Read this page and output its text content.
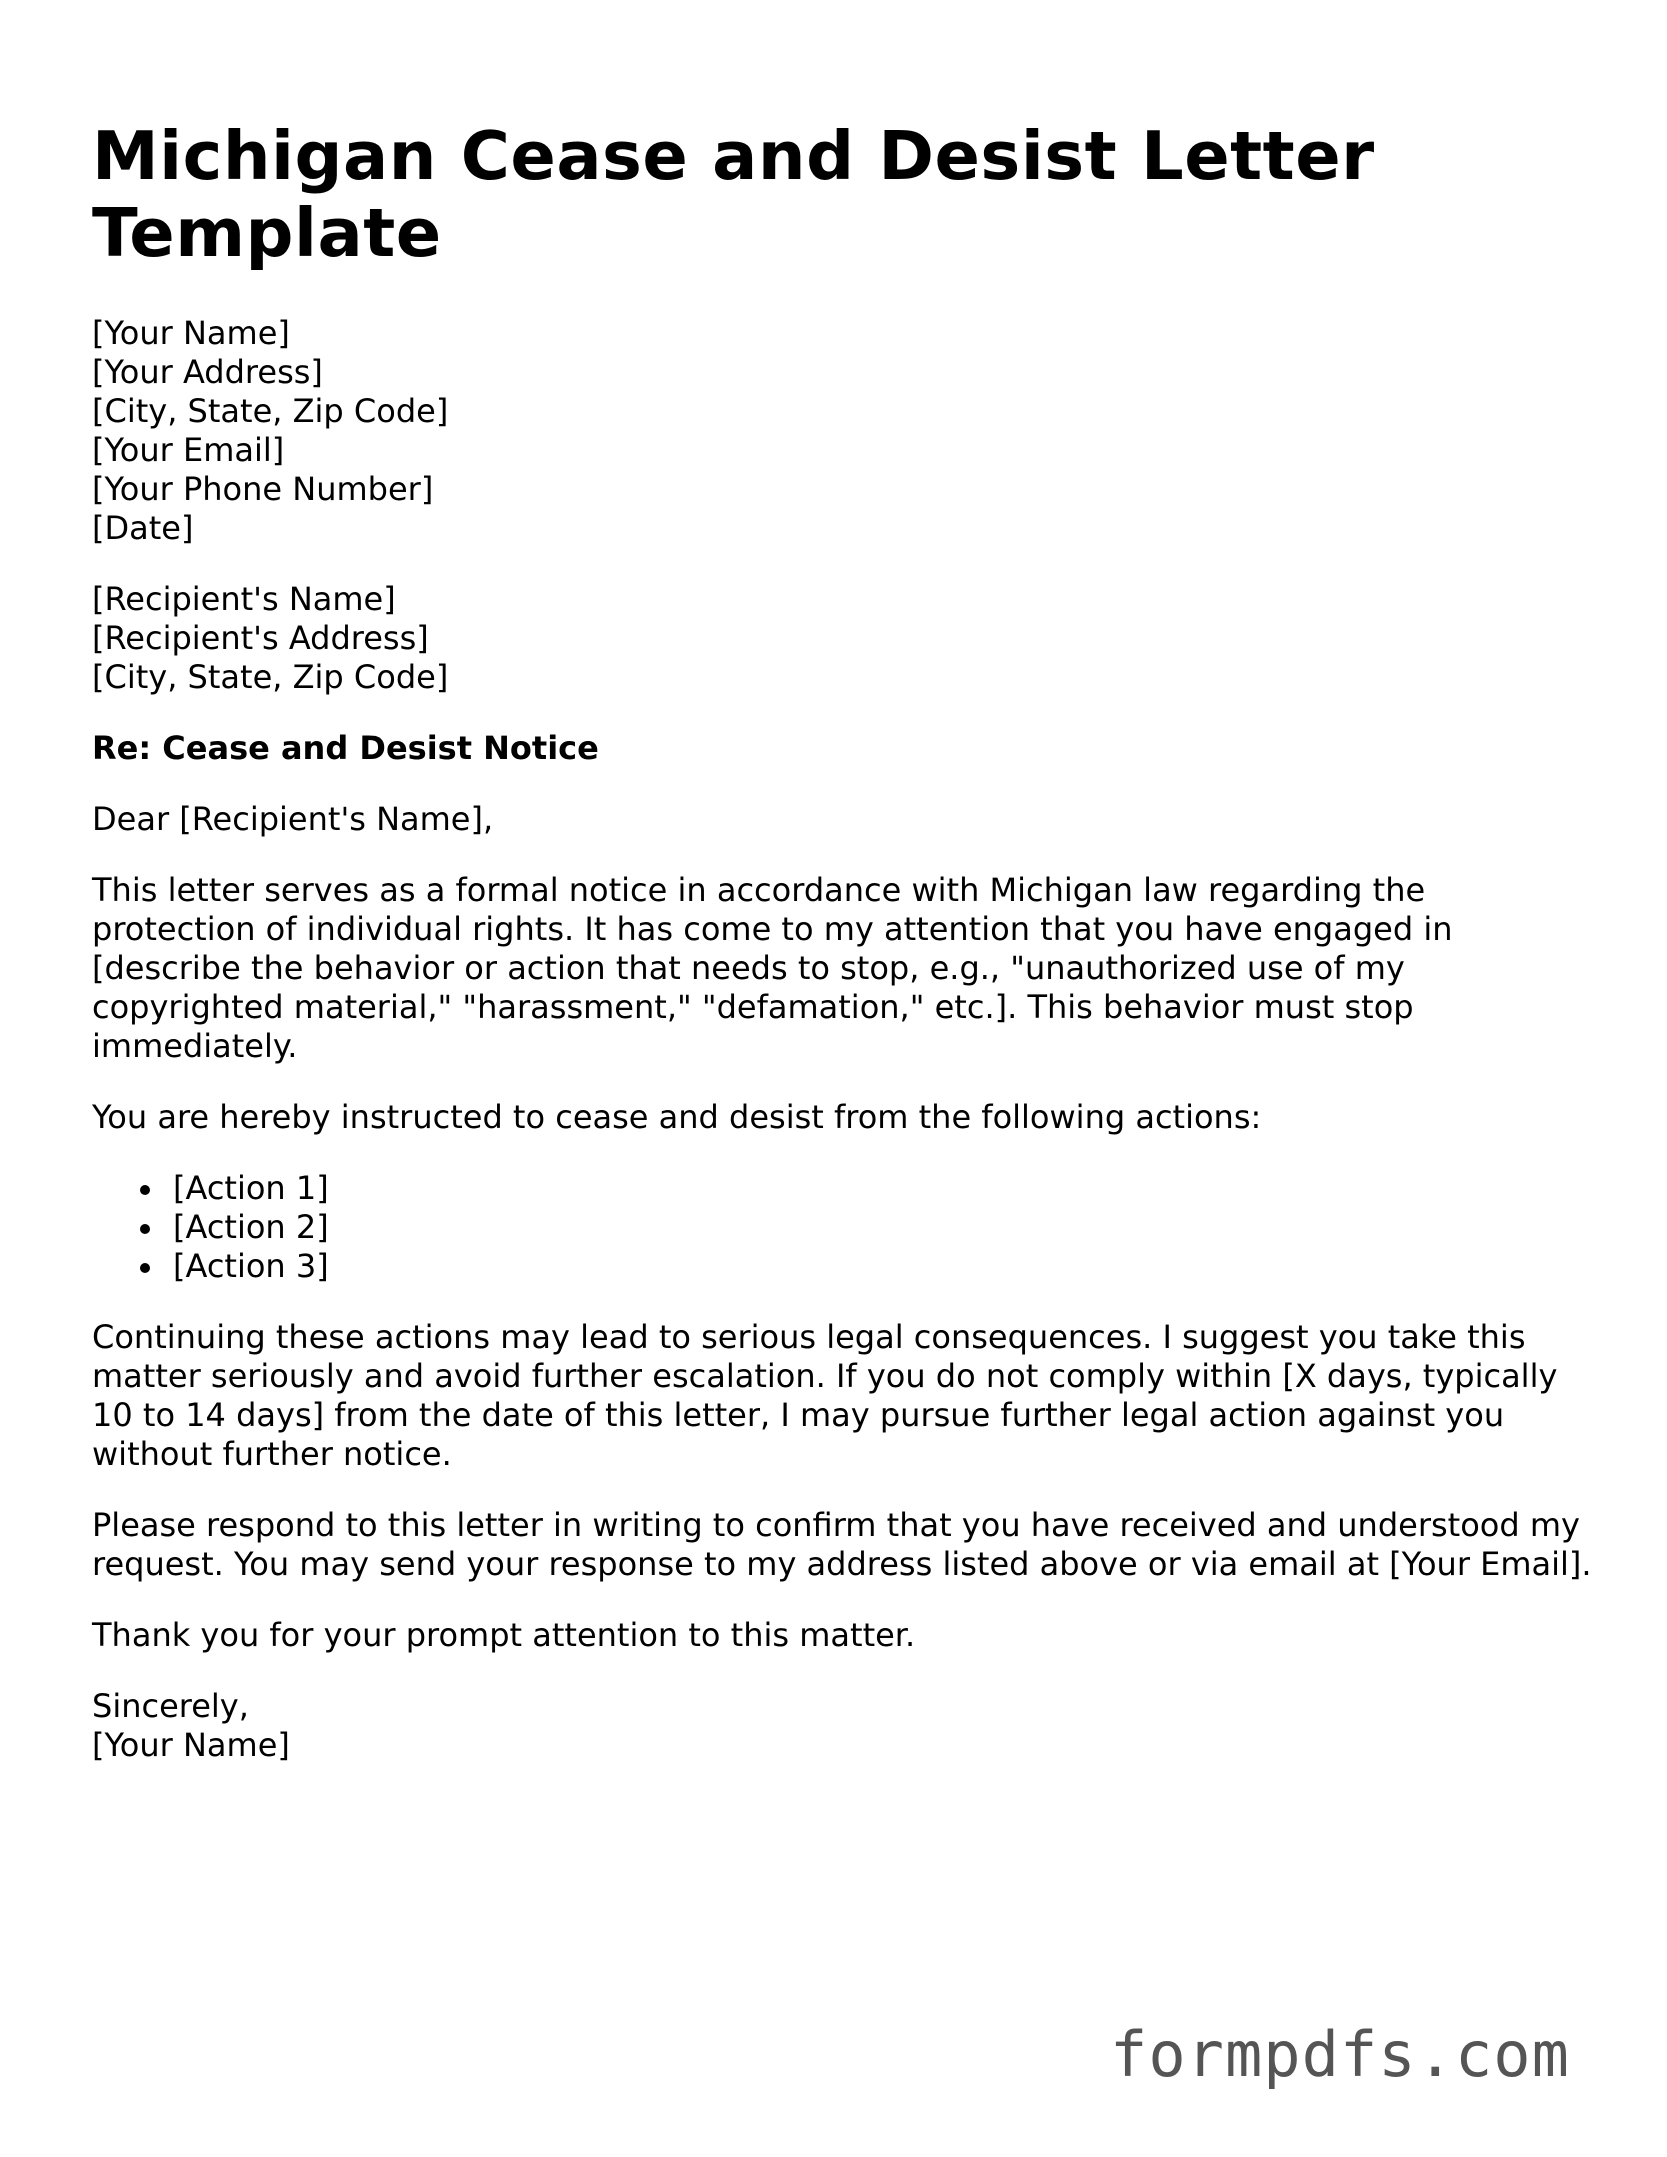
Michigan Cease and Desist Letter Template
[Your Name]
[Your Address]
[City, State, Zip Code]
[Your Email]
[Your Phone Number]
[Date]
[Recipient's Name]
[Recipient's Address]
[City, State, Zip Code]
Re: Cease and Desist Notice
Dear [Recipient's Name],
This letter serves as a formal notice in accordance with Michigan law regarding the protection of individual rights. It has come to my attention that you have engaged in [describe the behavior or action that needs to stop, e.g., "unauthorized use of my copyrighted material," "harassment," "defamation," etc.]. This behavior must stop immediately.
You are hereby instructed to cease and desist from the following actions:
[Action 1]
[Action 2]
[Action 3]
Continuing these actions may lead to serious legal consequences. I suggest you take this matter seriously and avoid further escalation. If you do not comply within [X days, typically 10 to 14 days] from the date of this letter, I may pursue further legal action against you without further notice.
Please respond to this letter in writing to confirm that you have received and understood my request. You may send your response to my address listed above or via email at [Your Email].
Thank you for your prompt attention to this matter.
Sincerely,
[Your Name]
formpdfs.com
